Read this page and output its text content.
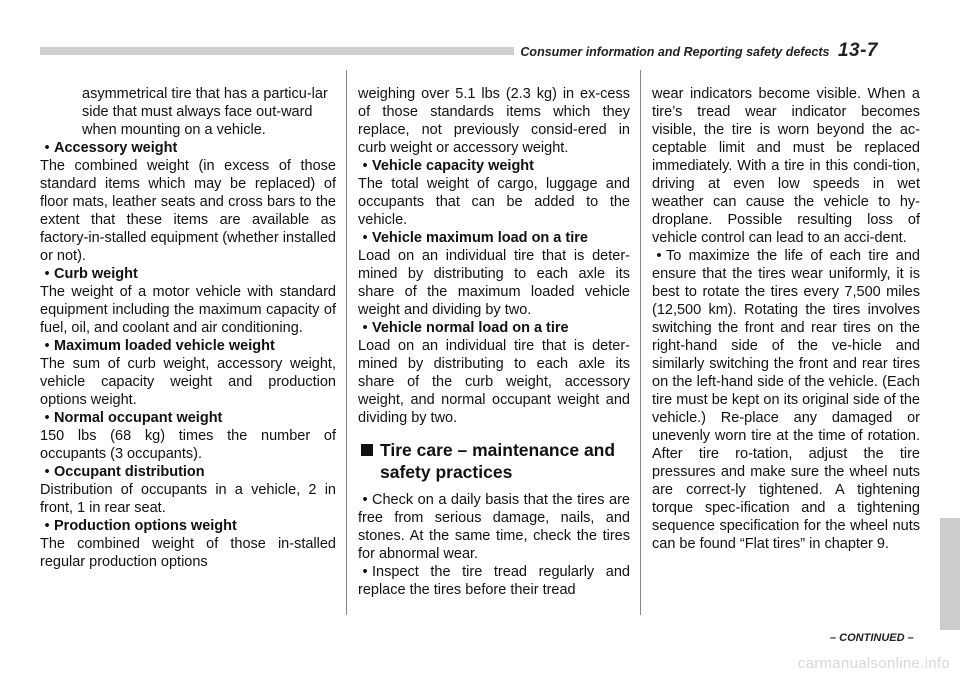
Consumer information and Reporting safety defects 13-7

asymmetrical tire that has a particu-lar side that must always face out-ward when mounting on a vehicle.

• Accessory weight

The combined weight (in excess of those standard items which may be replaced) of floor mats, leather seats and cross bars to the extent that these items are available as factory-in-stalled equipment (whether installed or not).

• Curb weight

The weight of a motor vehicle with standard equipment including the maximum capacity of fuel, oil, and coolant and air conditioning.

• Maximum loaded vehicle weight

The sum of curb weight, accessory weight, vehicle capacity weight and production options weight.

• Normal occupant weight

150 lbs (68 kg) times the number of occupants (3 occupants).

• Occupant distribution

Distribution of occupants in a vehicle, 2 in front, 1 in rear seat.

• Production options weight

The combined weight of those in-stalled regular production options

weighing over 5.1 lbs (2.3 kg) in ex-cess of those standards items which they replace, not previously consid-ered in curb weight or accessory weight.

• Vehicle capacity weight

The total weight of cargo, luggage and occupants that can be added to the vehicle.

• Vehicle maximum load on a tire

Load on an individual tire that is deter-mined by distributing to each axle its share of the maximum loaded vehicle weight and dividing by two.

• Vehicle normal load on a tire

Load on an individual tire that is deter-mined by distributing to each axle its share of the curb weight, accessory weight, and normal occupant weight and dividing by two.

Tire care – maintenance and safety practices

• Check on a daily basis that the tires are free from serious damage, nails, and stones. At the same time, check the tires for abnormal wear.

• Inspect the tire tread regularly and replace the tires before their tread

wear indicators become visible. When a tire’s tread wear indicator becomes visible, the tire is worn beyond the ac-ceptable limit and must be replaced immediately. With a tire in this condi-tion, driving at even low speeds in wet weather can cause the vehicle to hy-droplane. Possible resulting loss of vehicle control can lead to an acci-dent.

• To maximize the life of each tire and ensure that the tires wear uniformly, it is best to rotate the tires every 7,500 miles (12,500 km). Rotating the tires involves switching the front and rear tires on the right-hand side of the ve-hicle and similarly switching the front and rear tires on the left-hand side of the vehicle. (Each tire must be kept on its original side of the vehicle.) Re-place any damaged or unevenly worn tire at the time of rotation. After tire ro-tation, adjust the tire pressures and make sure the wheel nuts are correct-ly tightened. A tightening torque spec-ification and a tightening sequence specification for the wheel nuts can be found “Flat tires” in chapter 9.

– CONTINUED –
carmanualsonline.info
